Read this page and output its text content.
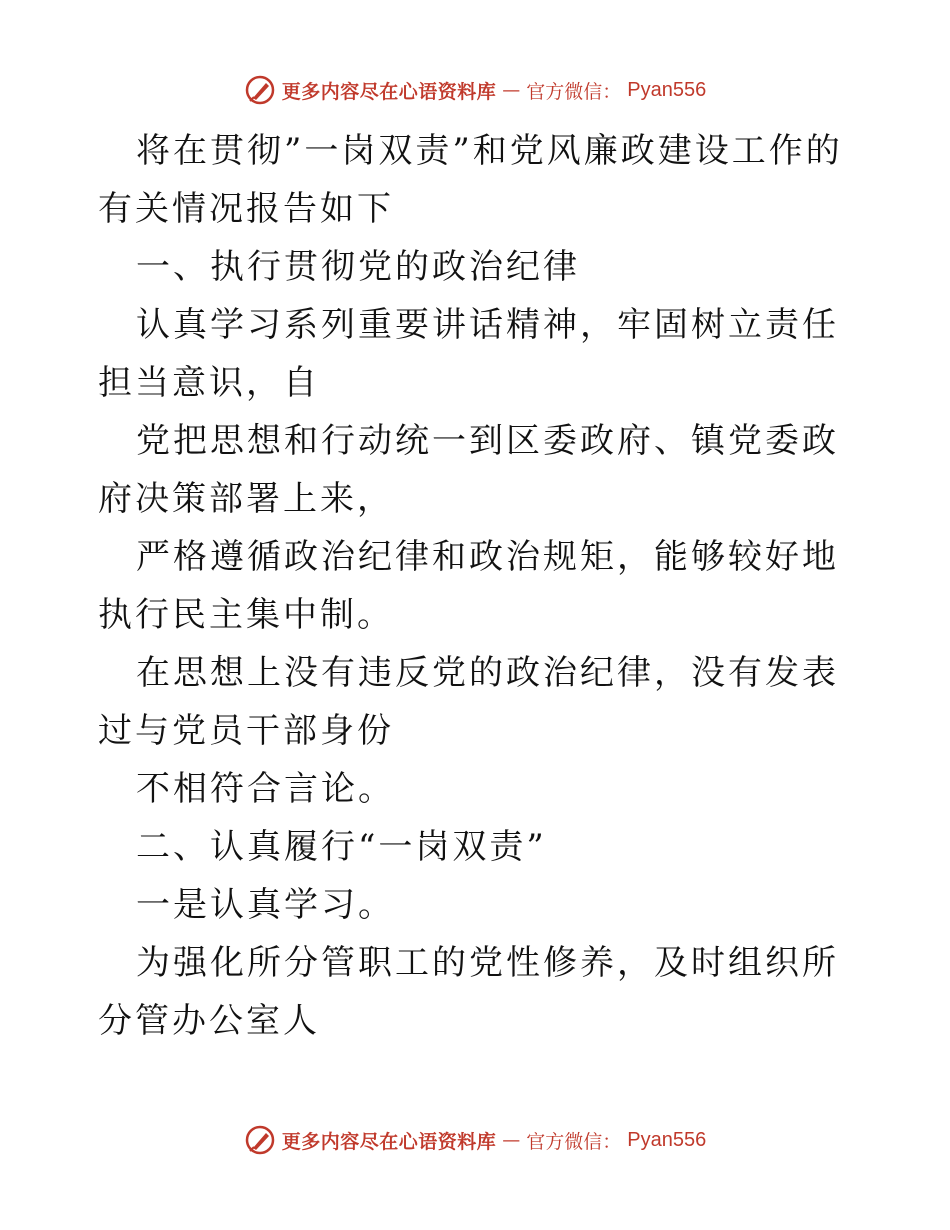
更多内容尽在心语资料库 — 官方微信： Pyan556

将在贯彻”一岗双责”和党风廉政建设工作的有关情况报告如下

一、执行贯彻党的政治纪律

认真学习系列重要讲话精神，牢固树立责任担当意识，自

党把思想和行动统一到区委政府、镇党委政府决策部署上来，

严格遵循政治纪律和政治规矩，能够较好地执行民主集中制。

在思想上没有违反党的政治纪律，没有发表过与党员干部身份

不相符合言论。

二、认真履行“一岗双责”

一是认真学习。

为强化所分管职工的党性修养，及时组织所分管办公室人

更多内容尽在心语资料库 — 官方微信： Pyan556
